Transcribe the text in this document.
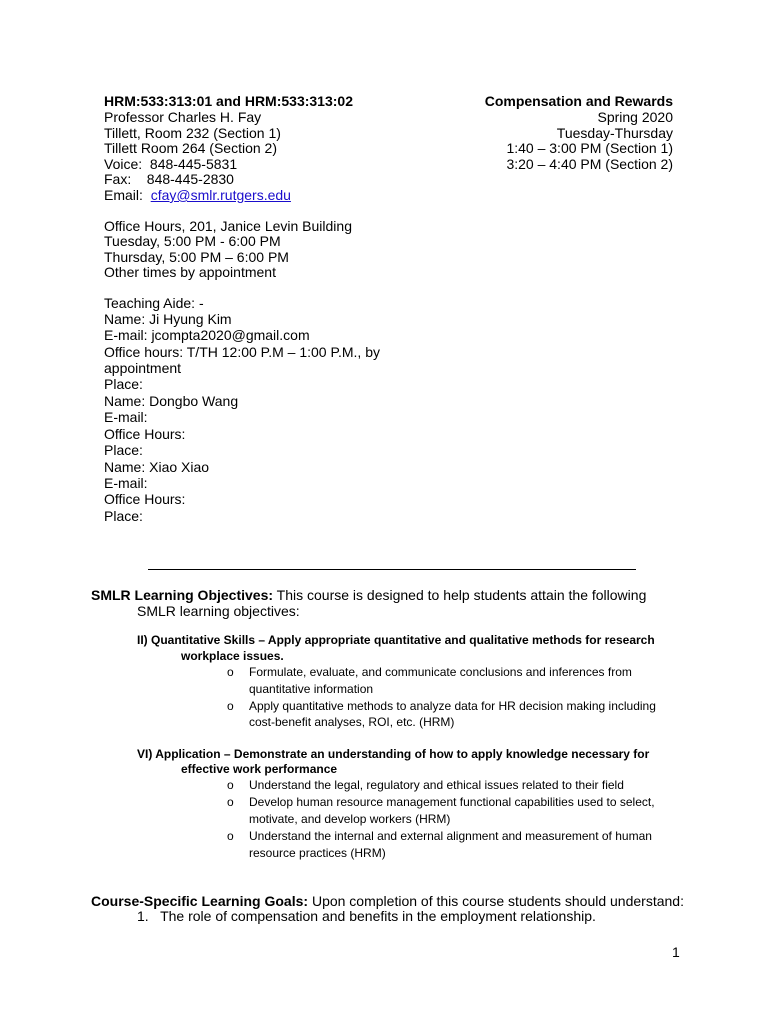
HRM:533:313:01 and HRM:533:313:02
Professor Charles H. Fay
Tillett, Room 232 (Section 1)
Tillett Room 264 (Section 2)
Voice:  848-445-5831
Fax:    848-445-2830
Email:  cfay@smlr.rutgers.edu
Compensation and Rewards
Spring 2020
Tuesday-Thursday
1:40 – 3:00 PM (Section 1)
3:20 – 4:40 PM (Section 2)
Office Hours, 201, Janice Levin Building
Tuesday, 5:00 PM - 6:00 PM
Thursday, 5:00 PM – 6:00 PM
Other times by appointment
Teaching Aide: -
Name: Ji Hyung Kim
E-mail: jcompta2020@gmail.com
Office hours: T/TH 12:00 P.M – 1:00 P.M., by
appointment
Place:
Name: Dongbo Wang
E-mail:
Office Hours:
Place:
Name: Xiao Xiao
E-mail:
Office Hours:
Place:
SMLR Learning Objectives: This course is designed to help students attain the following
SMLR learning objectives:
II) Quantitative Skills – Apply appropriate quantitative and qualitative methods for research
workplace issues.
o Formulate, evaluate, and communicate conclusions and inferences from
quantitative information
o Apply quantitative methods to analyze data for HR decision making including
cost-benefit analyses, ROI, etc. (HRM)
VI) Application – Demonstrate an understanding of how to apply knowledge necessary for
effective work performance
o Understand the legal, regulatory and ethical issues related to their field
o Develop human resource management functional capabilities used to select,
motivate, and develop workers (HRM)
o Understand the internal and external alignment and measurement of human
resource practices (HRM)
Course-Specific Learning Goals: Upon completion of this course students should understand:
1.   The role of compensation and benefits in the employment relationship.
1
